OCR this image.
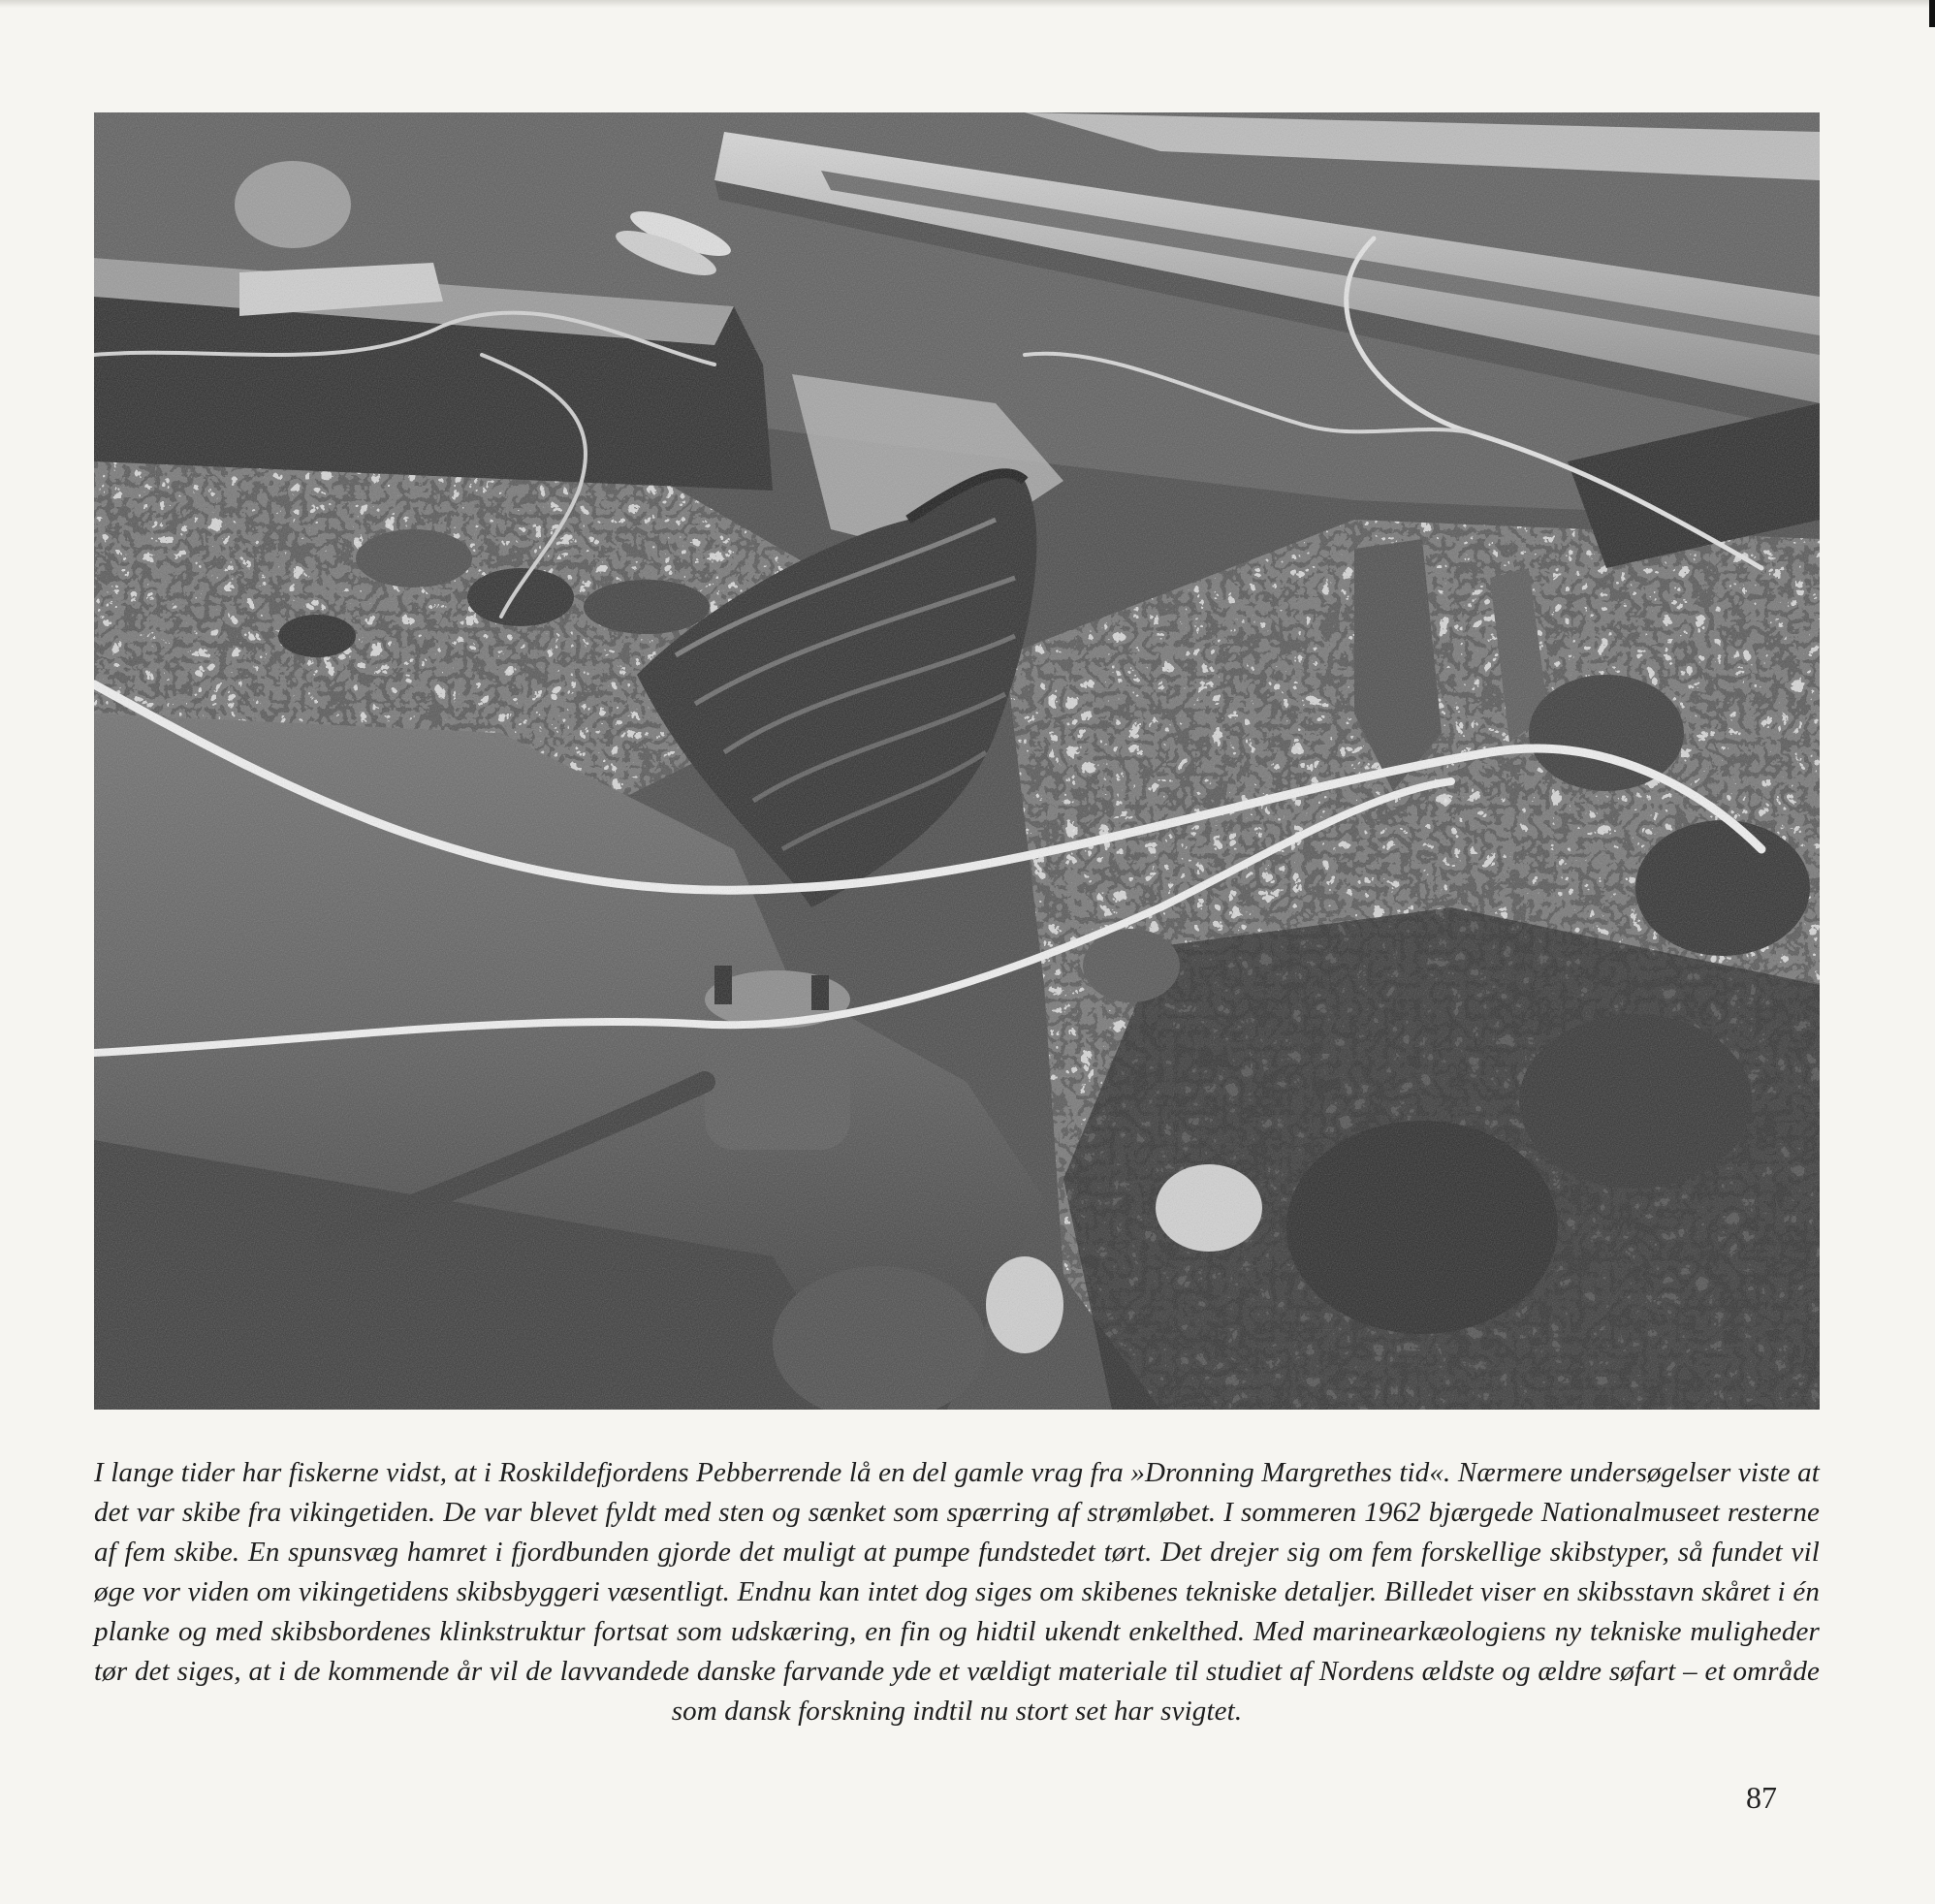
I lange tider har fiskerne vidst, at i Roskildefjordens Pebberrende lå en del gamle vrag fra »Dronning Margrethes tid«. Nærmere undersøgelser viste at det var skibe fra vikingetiden. De var blevet fyldt med sten og sænket som spærring af strømløbet. I sommeren 1962 bjærgede Nationalmuseet resterne af fem skibe. En spunsvæg hamret i fjordbunden gjorde det muligt at pumpe fundstedet tørt. Det drejer sig om fem forskellige skibstyper, så fundet vil øge vor viden om vikingetidens skibsbyggeri væsentligt. Endnu kan intet dog siges om skibenes tekniske detaljer. Billedet viser en skibsstavn skåret i én planke og med skibsbordenes klinkstruktur fortsat som udskæring, en fin og hidtil ukendt enkelthed. Med marinearkæologiens ny tekniske muligheder tør det siges, at i de kommende år vil de lavvandede danske farvande yde et vældigt materiale til studiet af Nordens ældste og ældre søfart – et område som dansk forskning indtil nu stort set har svigtet.

87
